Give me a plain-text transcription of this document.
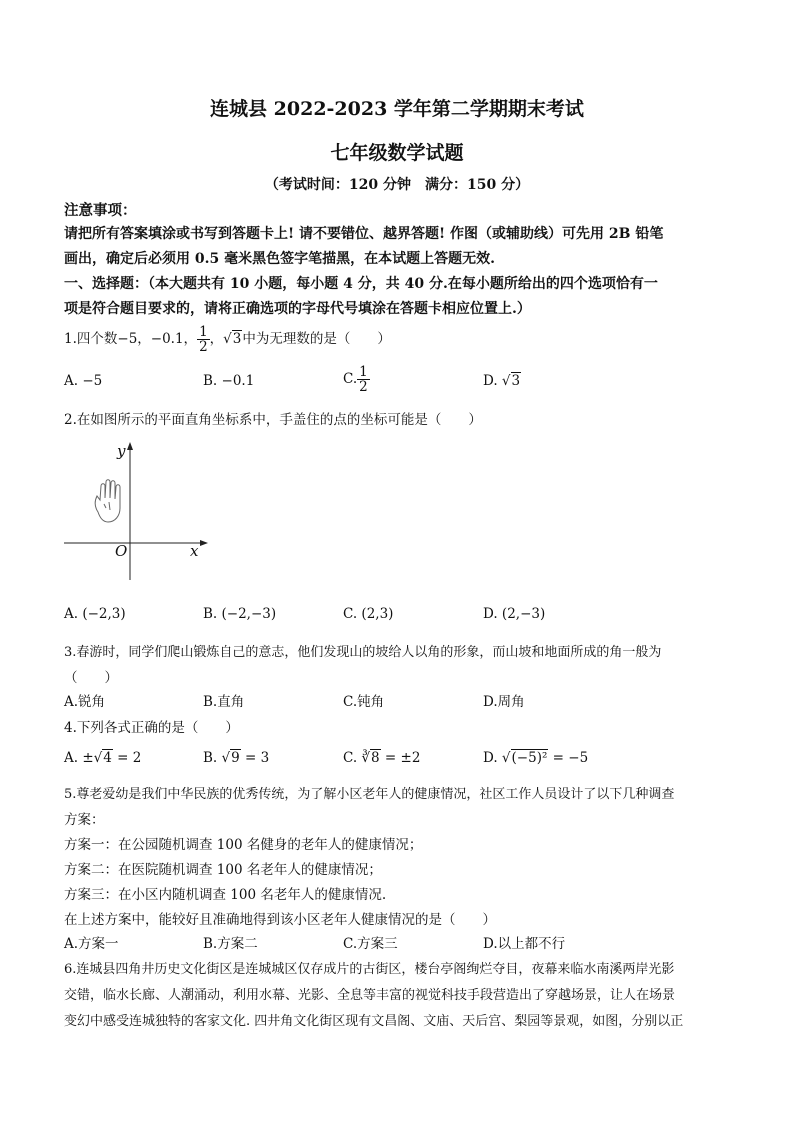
连城县 2022-2023 学年第二学期期末考试
七年级数学试题
（考试时间：120 分钟　满分：150 分）
注意事项：
请把所有答案填涂或书写到答题卡上! 请不要错位、越界答题! 作图（或辅助线）可先用 2B 铅笔
画出，确定后必须用 0.5 毫米黑色签字笔描黑，在本试题上答题无效.
一、选择题：（本大题共有 10 小题，每小题 4 分，共 40 分.在每小题所给出的四个选项恰有一
项是符合题目要求的，请将正确选项的字母代号填涂在答题卡相应位置上.）
1.四个数−5，−0.1， $\frac{1}{2}$ ，√3中为无理数的是（　　）
A. −5	B. −0.1	C. $\frac{1}{2}$	D. √3
2.在如图所示的平面直角坐标系中，手盖住的点的坐标可能是（　　）
y
x
O
A. (−2,3)	B. (−2,−3)	C. (2,3)	D. (2,−3)
3.春游时，同学们爬山锻炼自己的意志，他们发现山的坡给人以角的形象，而山坡和地面所成的角一般为
（　　）
A.锐角	B.直角	C.钝角	D.周角
4.下列各式正确的是（　　）
A. ±√4 = 2	B. √9 = 3	C. ∛8 = ±2	D. √(−5)² = −5
5.尊老爱幼是我们中华民族的优秀传统，为了解小区老年人的健康情况，社区工作人员设计了以下几种调查
方案：
方案一：在公园随机调查 100 名健身的老年人的健康情况；
方案二：在医院随机调查 100 名老年人的健康情况；
方案三：在小区内随机调查 100 名老年人的健康情况.
在上述方案中，能较好且准确地得到该小区老年人健康情况的是（　　）
A.方案一	B.方案二	C.方案三	D.以上都不行
6.连城县四角井历史文化街区是连城城区仅存成片的古街区，楼台亭阁绚烂夺目，夜幕来临水南溪两岸光影
交错，临水长廊、人潮涌动，利用水幕、光影、全息等丰富的视觉科技手段营造出了穿越场景，让人在场景
变幻中感受连城独特的客家文化. 四井角文化街区现有文昌阁、文庙、天后宫、梨园等景观，如图，分别以正
